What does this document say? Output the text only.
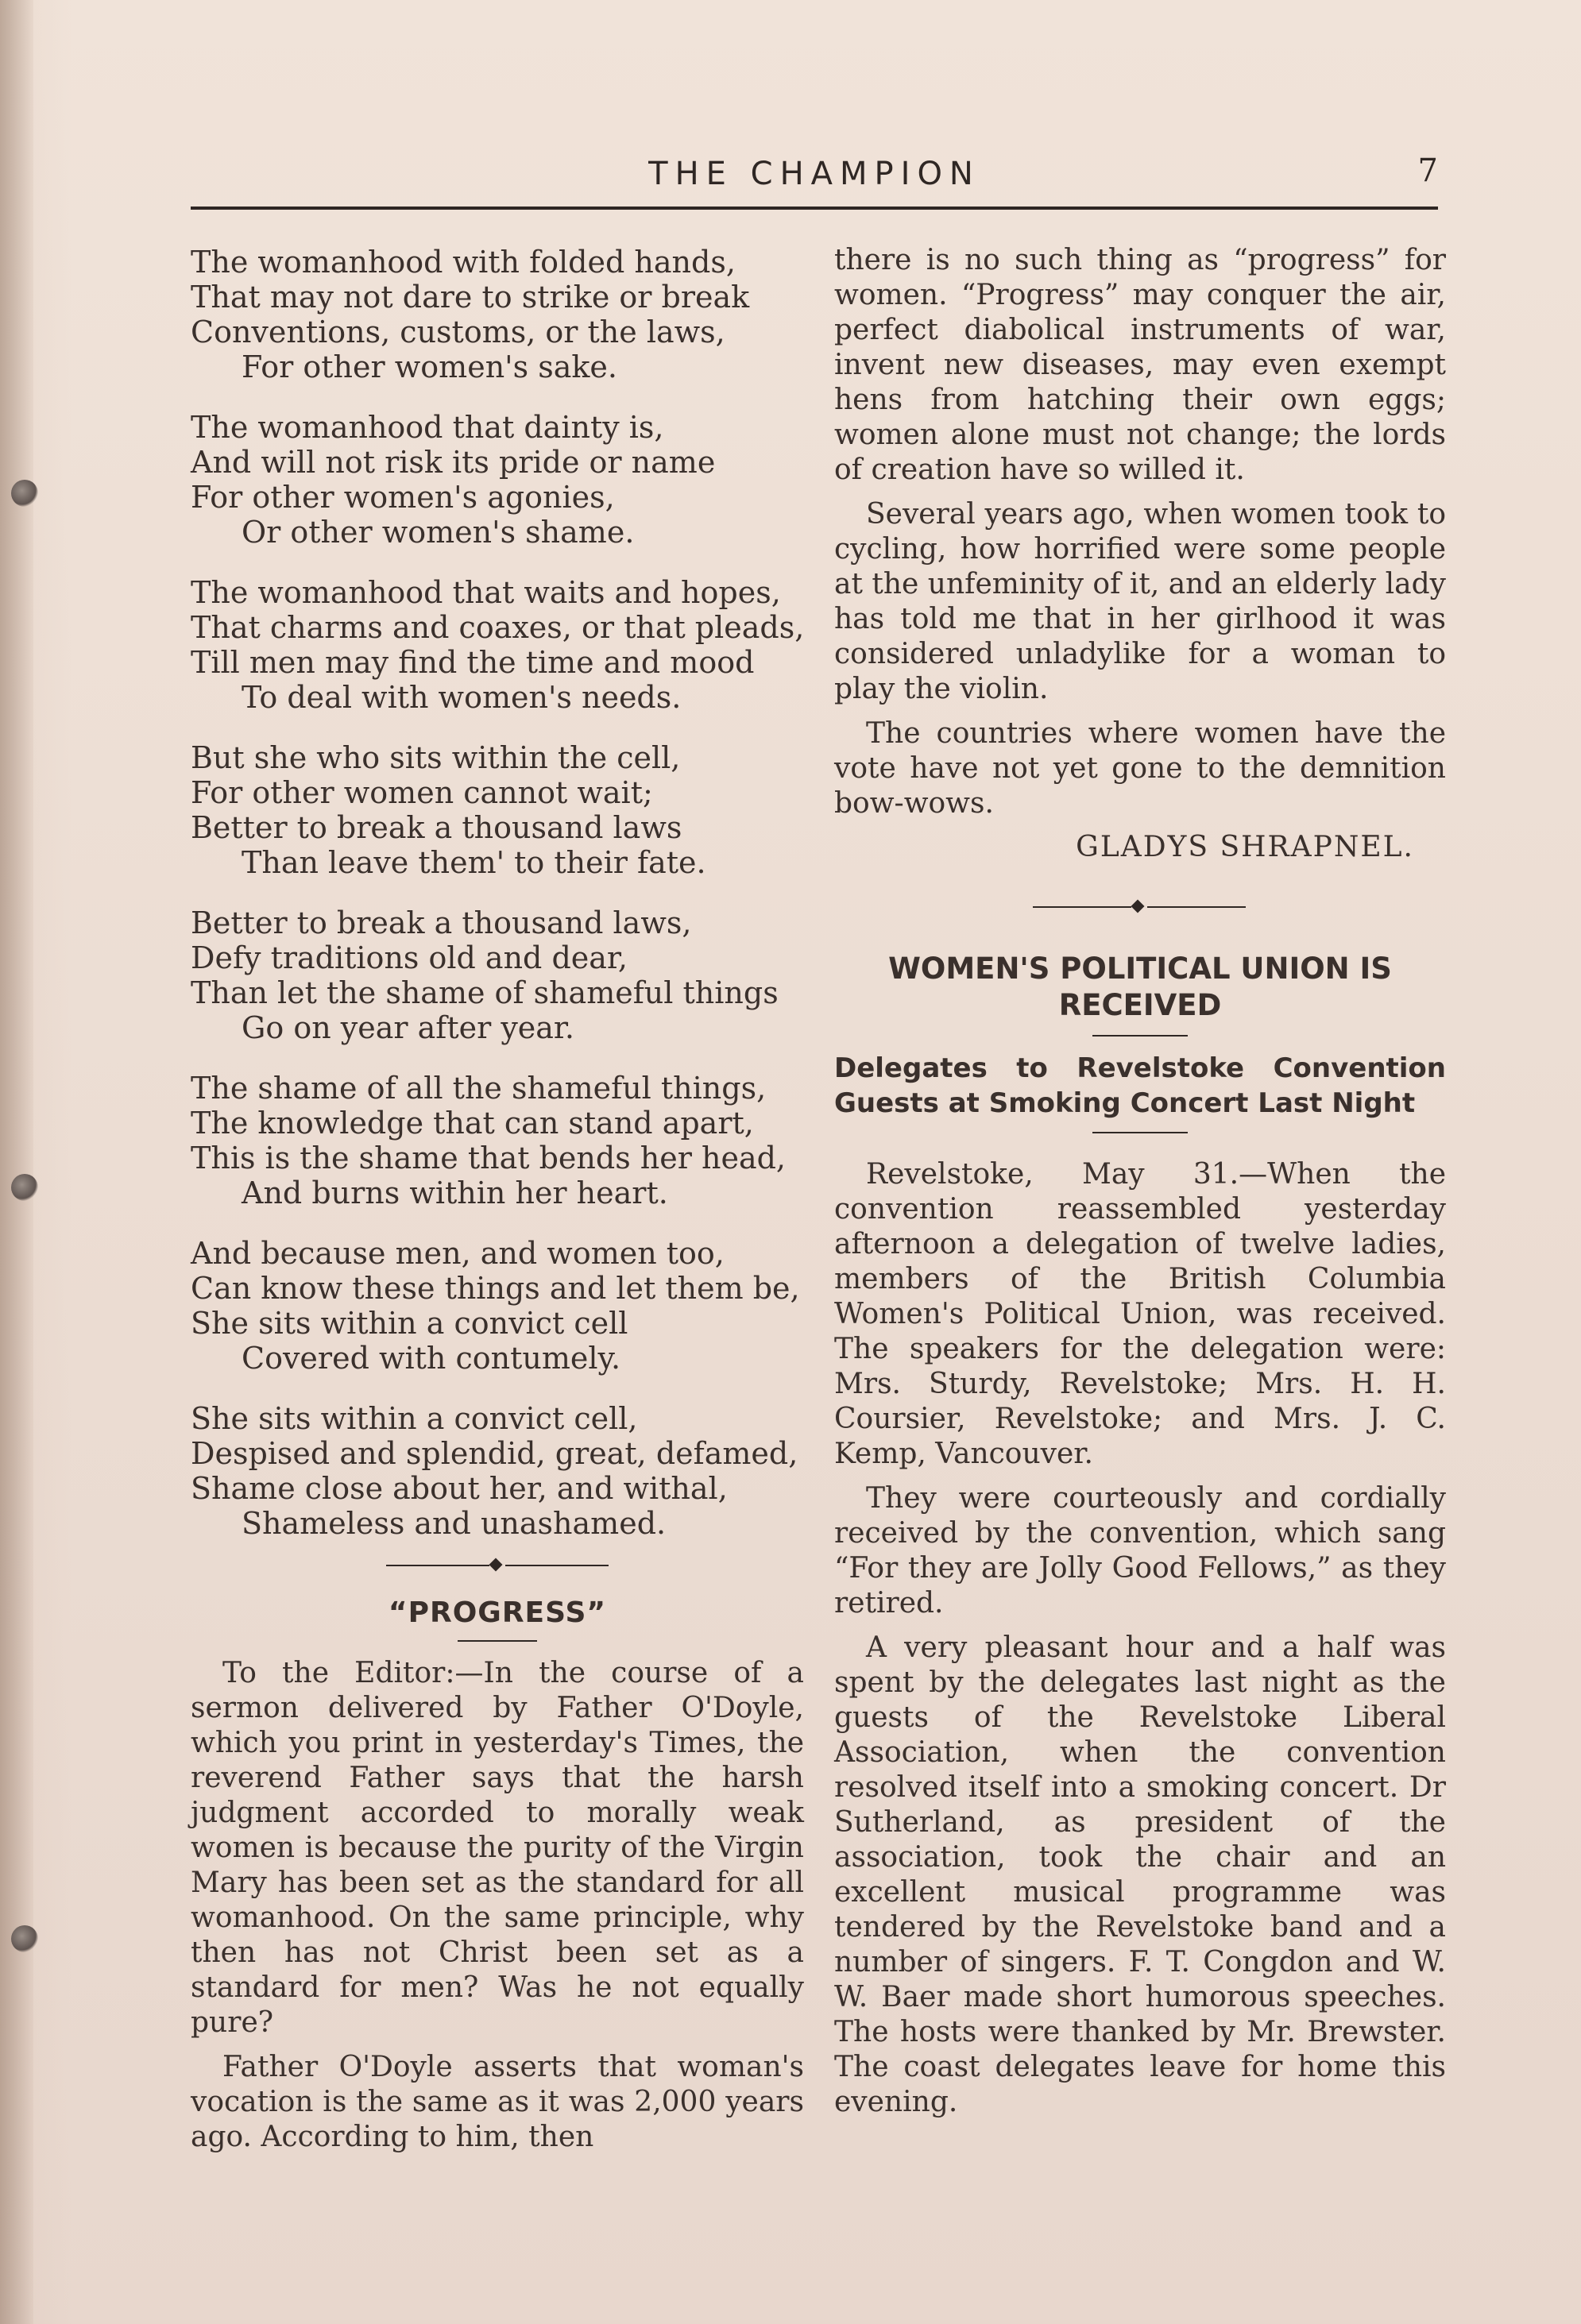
THE CHAMPION	7
The womanhood with folded hands,
That may not dare to strike or break
Conventions, customs, or the laws,
For other women's sake.
The womanhood that dainty is,
And will not risk its pride or name
For other women's agonies,
Or other women's shame.
The womanhood that waits and hopes,
That charms and coaxes, or that pleads,
Till men may find the time and mood
To deal with women's needs.
But she who sits within the cell,
For other women cannot wait;
Better to break a thousand laws
Than leave them' to their fate.
Better to break a thousand laws,
Defy traditions old and dear,
Than let the shame of shameful things
Go on year after year.
The shame of all the shameful things,
The knowledge that can stand apart,
This is the shame that bends her head,
And burns within her heart.
And because men, and women too,
Can know these things and let them be,
She sits within a convict cell
Covered with contumely.
She sits within a convict cell,
Despised and splendid, great, defamed,
Shame close about her, and withal,
Shameless and unashamed.
“PROGRESS”

To the Editor:—In the course of a sermon delivered by Father O'Doyle, which you print in yesterday's Times, the reverend Father says that the harsh judgment accorded to morally weak women is because the purity of the Virgin Mary has been set as the standard for all womanhood. On the same principle, why then has not Christ been set as a standard for men? Was he not equally pure?

Father O'Doyle asserts that woman's vocation is the same as it was 2,000 years ago. According to him, then

there is no such thing as “progress” for women. “Progress” may conquer the air, perfect diabolical instruments of war, invent new diseases, may even exempt hens from hatching their own eggs; women alone must not change; the lords of creation have so willed it.

Several years ago, when women took to cycling, how horrified were some people at the unfeminity of it, and an elderly lady has told me that in her girlhood it was considered unladylike for a woman to play the violin.

The countries where women have the vote have not yet gone to the demnition bow-wows.

GLADYS SHRAPNEL.
WOMEN'S POLITICAL UNION IS
RECEIVED
Delegates to Revelstoke Convention Guests at Smoking Concert Last Night

Revelstoke, May 31.—When the convention reassembled yesterday afternoon a delegation of twelve ladies, members of the British Columbia Women's Political Union, was received. The speakers for the delegation were: Mrs. Sturdy, Revelstoke; Mrs. H. H. Coursier, Revelstoke; and Mrs. J. C. Kemp, Vancouver.

They were courteously and cordially received by the convention, which sang “For they are Jolly Good Fellows,” as they retired.

A very pleasant hour and a half was spent by the delegates last night as the guests of the Revelstoke Liberal Association, when the convention resolved itself into a smoking concert. Dr Sutherland, as president of the association, took the chair and an excellent musical programme was tendered by the Revelstoke band and a number of singers. F. T. Congdon and W. W. Baer made short humorous speeches. The hosts were thanked by Mr. Brewster. The coast delegates leave for home this evening.
